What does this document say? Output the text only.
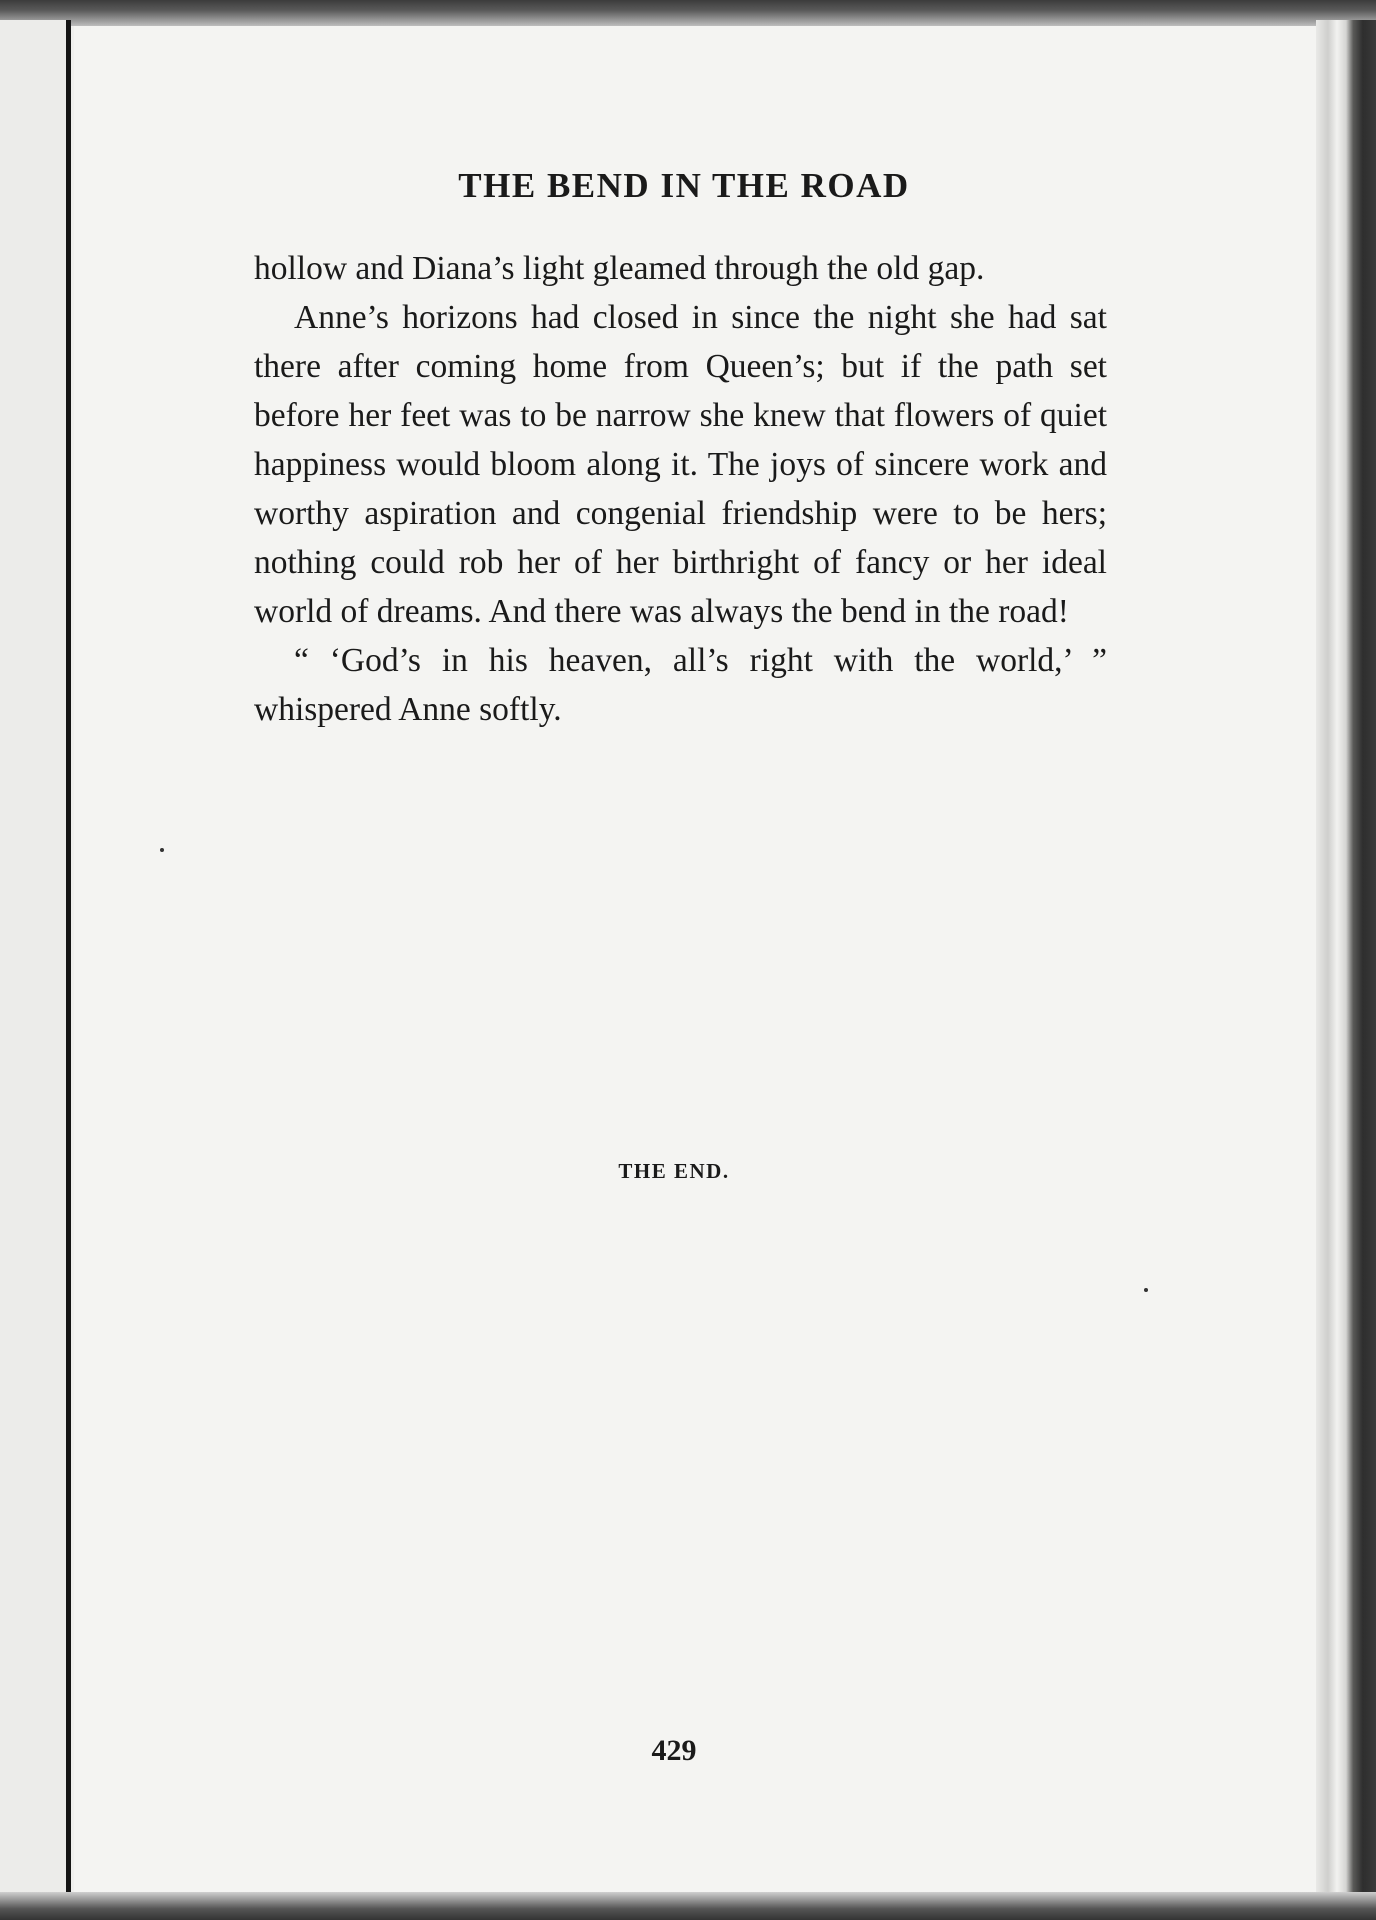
THE BEND IN THE ROAD

hollow and Diana’s light gleamed through the old gap.

Anne’s horizons had closed in since the night she had sat there after coming home from Queen’s; but if the path set before her feet was to be narrow she knew that flowers of quiet happiness would bloom along it. The joys of sincere work and worthy aspiration and congenial friendship were to be hers; nothing could rob her of her birthright of fancy or her ideal world of dreams. And there was always the bend in the road!

“ ‘God’s in his heaven, all’s right with the world,’ ” whispered Anne softly.

THE END.
429
